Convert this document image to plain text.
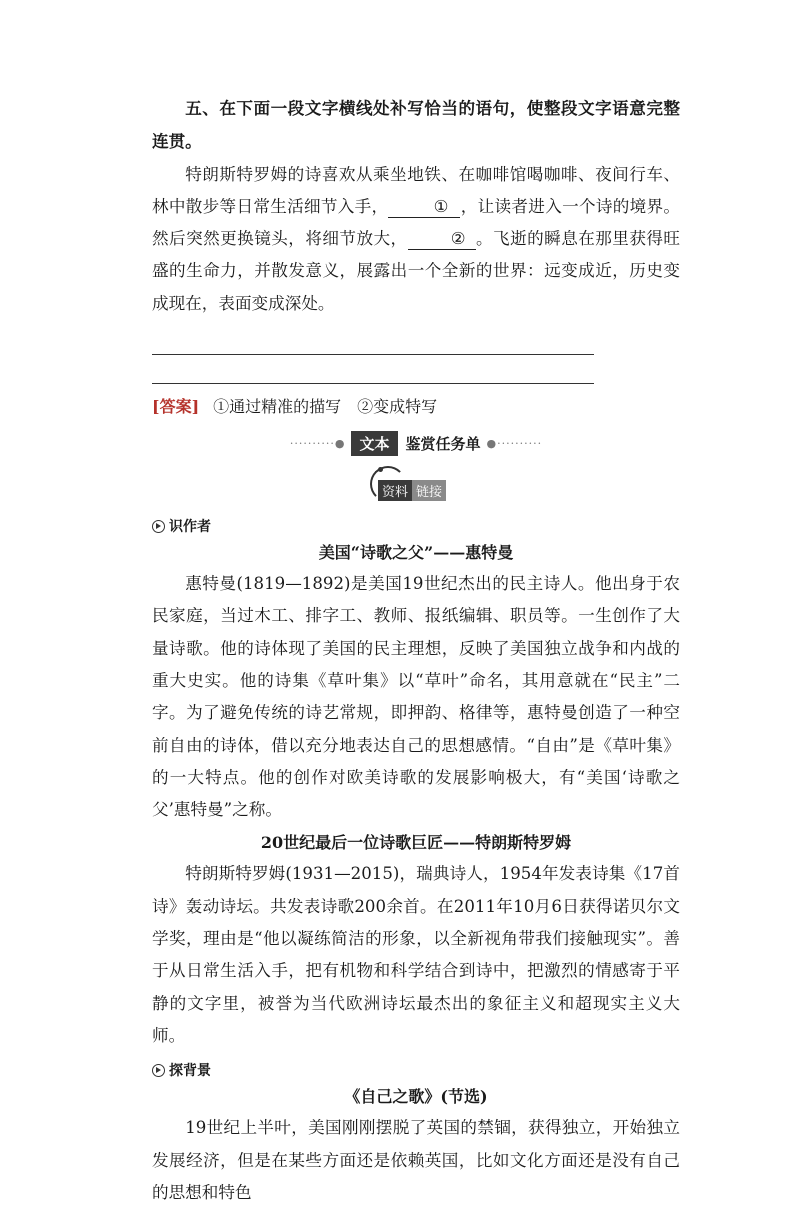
五、在下面一段文字横线处补写恰当的语句，使整段文字语意完整连贯。

特朗斯特罗姆的诗喜欢从乘坐地铁、在咖啡馆喝咖啡、夜间行车、林中散步等日常生活细节入手，	① ，让读者进入一个诗的境界。然后突然更换镜头，将细节放大，	② 。飞逝的瞬息在那里获得旺盛的生命力，并散发意义，展露出一个全新的世界：远变成近，历史变成现在，表面变成深处。

[答案] ①通过精准的描写　②变成特写
··········● 文本	鉴赏任务单 ●··········
资料 链接
识作者

美国“诗歌之父”——惠特曼

惠特曼(1819—1892)是美国19世纪杰出的民主诗人。他出身于农民家庭，当过木工、排字工、教师、报纸编辑、职员等。一生创作了大量诗歌。他的诗体现了美国的民主理想，反映了美国独立战争和内战的重大史实。他的诗集《草叶集》以“草叶”命名，其用意就在“民主”二字。为了避免传统的诗艺常规，即押韵、格律等，惠特曼创造了一种空前自由的诗体，借以充分地表达自己的思想感情。“自由”是《草叶集》的一大特点。他的创作对欧美诗歌的发展影响极大，有“美国‘诗歌之父’惠特曼”之称。

20世纪最后一位诗歌巨匠——特朗斯特罗姆

特朗斯特罗姆(1931—2015)，瑞典诗人，1954年发表诗集《17首诗》轰动诗坛。共发表诗歌200余首。在2011年10月6日获得诺贝尔文学奖，理由是“他以凝练简洁的形象，以全新视角带我们接触现实”。善于从日常生活入手，把有机物和科学结合到诗中，把激烈的情感寄于平静的文字里，被誉为当代欧洲诗坛最杰出的象征主义和超现实主义大师。

探背景

《自己之歌》(节选)

19世纪上半叶，美国刚刚摆脱了英国的禁锢，获得独立，开始独立发展经济，但是在某些方面还是依赖英国，比如文化方面还是没有自己的思想和特色
